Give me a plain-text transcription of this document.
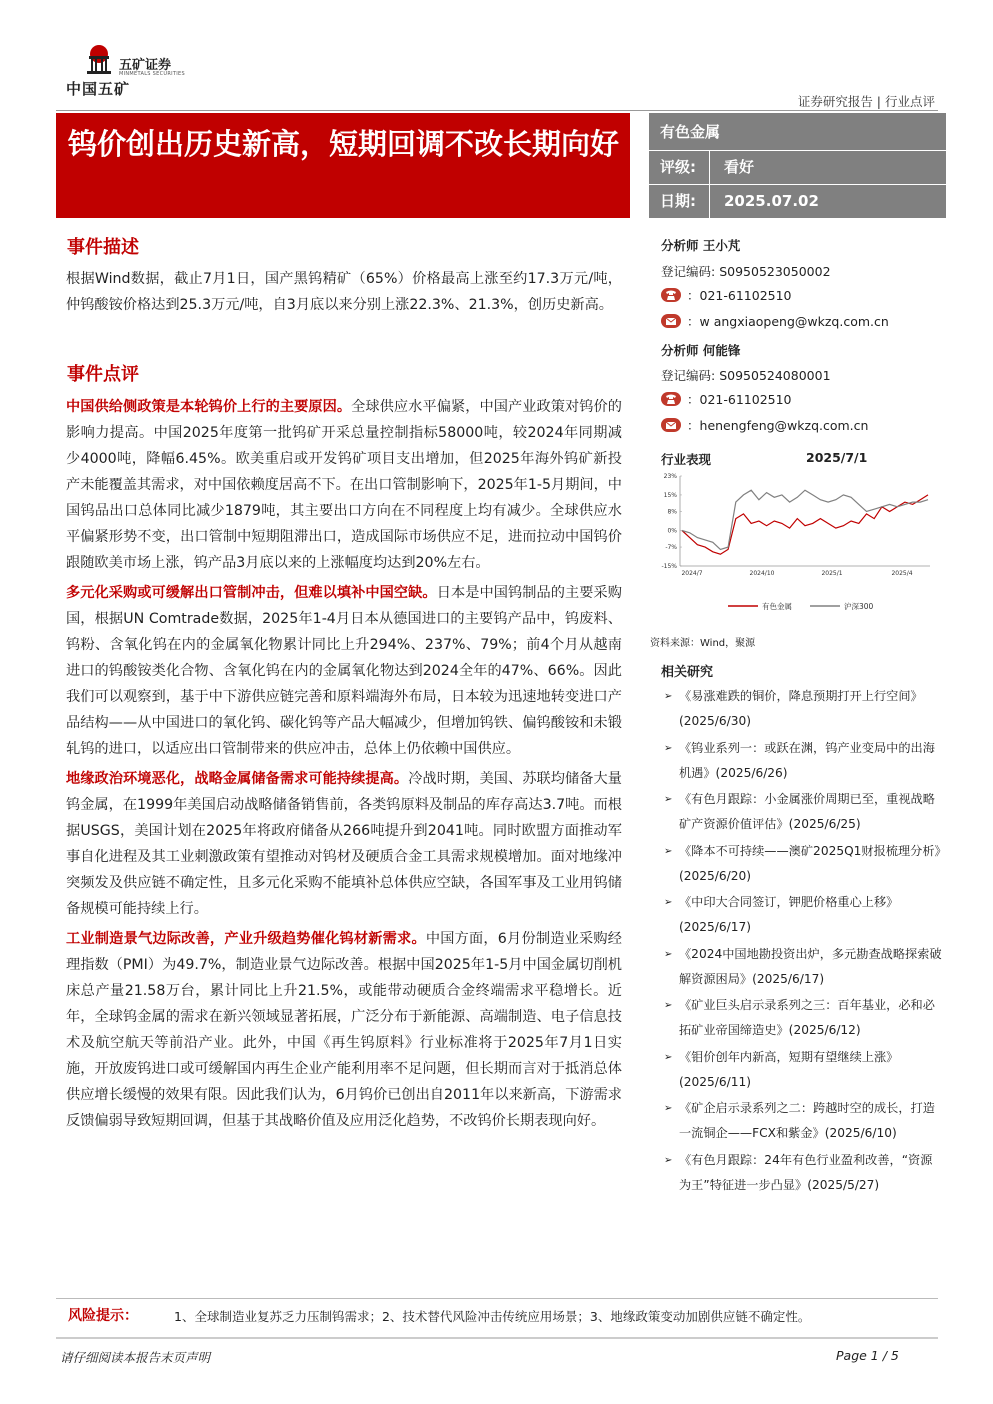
五矿证券
MINMETALS SECURITIES
中国五矿
证券研究报告 | 行业点评
钨价创出历史新高，短期回调不改长期向好	有色金属
评级: 看好
日期: 2025.07.02
事件描述
根据Wind数据，截止7月1日，国产黑钨精矿（65%）价格最高上涨至约17.3万元/吨，仲钨酸铵价格达到25.3万元/吨，自3月底以来分别上涨22.3%、21.3%，创历史新高。
事件点评

中国供给侧政策是本轮钨价上行的主要原因。全球供应水平偏紧，中国产业政策对钨价的影响力提高。中国2025年度第一批钨矿开采总量控制指标58000吨，较2024年同期减少4000吨，降幅6.45%。欧美重启或开发钨矿项目支出增加，但2025年海外钨矿新投产未能覆盖其需求，对中国依赖度居高不下。在出口管制影响下，2025年1-5月期间，中国钨品出口总体同比减少1879吨，其主要出口方向在不同程度上均有减少。全球供应水平偏紧形势不变，出口管制中短期阻滞出口，造成国际市场供应不足，进而拉动中国钨价跟随欧美市场上涨，钨产品3月底以来的上涨幅度均达到20%左右。

多元化采购或可缓解出口管制冲击，但难以填补中国空缺。日本是中国钨制品的主要采购国，根据UN Comtrade数据，2025年1-4月日本从德国进口的主要钨产品中，钨废料、钨粉、含氧化钨在内的金属氧化物累计同比上升294%、237%、79%；前4个月从越南进口的钨酸铵类化合物、含氧化钨在内的金属氧化物达到2024全年的47%、66%。因此我们可以观察到，基于中下游供应链完善和原料端海外布局，日本较为迅速地转变进口产品结构——从中国进口的氧化钨、碳化钨等产品大幅减少，但增加钨铁、偏钨酸铵和未锻轧钨的进口，以适应出口管制带来的供应冲击，总体上仍依赖中国供应。

地缘政治环境恶化，战略金属储备需求可能持续提高。冷战时期，美国、苏联均储备大量钨金属，在1999年美国启动战略储备销售前，各类钨原料及制品的库存高达3.7吨。而根据USGS，美国计划在2025年将政府储备从266吨提升到2041吨。同时欧盟方面推动军事自化进程及其工业刺激政策有望推动对钨材及硬质合金工具需求规模增加。面对地缘冲突频发及供应链不确定性，且多元化采购不能填补总体供应空缺，各国军事及工业用钨储备规模可能持续上行。

工业制造景气边际改善，产业升级趋势催化钨材新需求。中国方面，6月份制造业采购经理指数（PMI）为49.7%，制造业景气边际改善。根据中国2025年1-5月中国金属切削机床总产量21.58万台，累计同比上升21.5%，或能带动硬质合金终端需求平稳增长。近年，全球钨金属的需求在新兴领域显著拓展，广泛分布于新能源、高端制造、电子信息技术及航空航天等前沿产业。此外，中国《再生钨原料》行业标准将于2025年7月1日实施，开放废钨进口或可缓解国内再生企业产能利用率不足问题，但长期而言对于抵消总体供应增长缓慢的效果有限。因此我们认为，6月钨价已创出自2011年以来新高，下游需求反馈偏弱导致短期回调，但基于其战略价值及应用泛化趋势，不改钨价长期表现向好。

分析师 王小芃
登记编码: S0950523050002
： 021-61102510
： w angxiaopeng@wkzq.com.cn
分析师 何能锋
登记编码: S0950524080001
： 021-61102510
： henengfeng@wkzq.com.cn
行业表现	2025/7/1
23%
15%
8%
0%
-7%
-15%
2024/7	2024/10	2025/1	2025/4
有色金属	沪深300
资料来源：Wind，聚源
相关研究
➢ 《易涨难跌的铜价，降息预期打开上行空间》(2025/6/30)
➢ 《钨业系列一：或跃在渊，钨产业变局中的出海机遇》(2025/6/26)
➢ 《有色月跟踪：小金属涨价周期已至，重视战略矿产资源价值评估》(2025/6/25)
➢ 《降本不可持续——澳矿2025Q1财报梳理分析》(2025/6/20)
➢ 《中印大合同签订，钾肥价格重心上移》(2025/6/17)
➢ 《2024中国地勘投资出炉，多元勘查战略探索破解资源困局》(2025/6/17)
➢ 《矿业巨头启示录系列之三：百年基业，必和必拓矿业帝国缔造史》(2025/6/12)
➢ 《钼价创年内新高，短期有望继续上涨》(2025/6/11)
➢ 《矿企启示录系列之二：跨越时空的成长，打造一流铜企——FCX和紫金》(2025/6/10)
➢ 《有色月跟踪：24年有色行业盈利改善，“资源为王”特征进一步凸显》(2025/5/27)
风险提示：	1、全球制造业复苏乏力压制钨需求；2、技术替代风险冲击传统应用场景；3、地缘政策变动加剧供应链不确定性。
请仔细阅读本报告末页声明	Page 1 / 5
